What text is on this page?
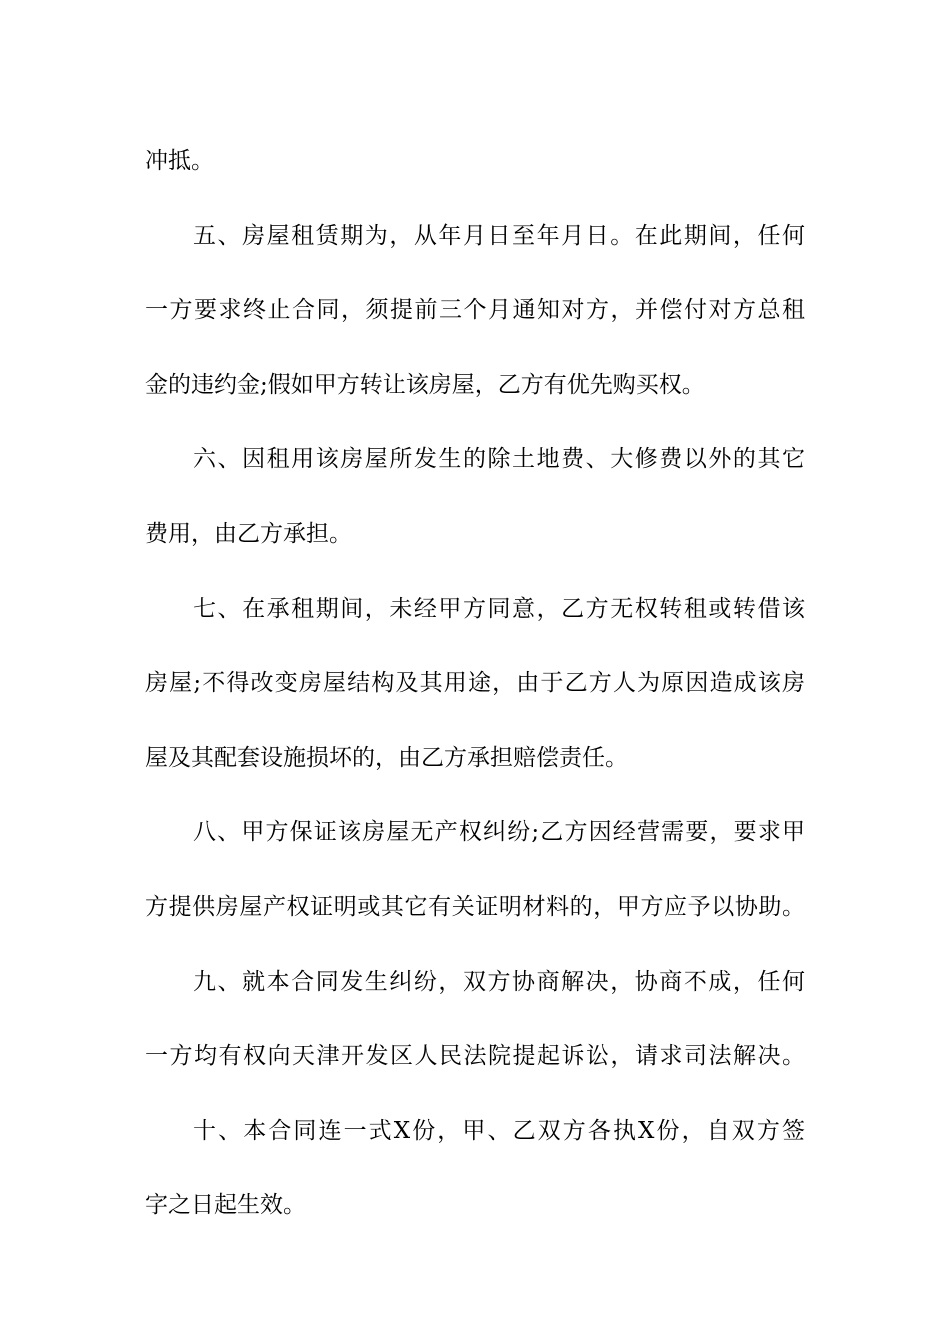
冲抵。
五、房屋租赁期为，从年月日至年月日。在此期间，任何
一方要求终止合同，须提前三个月通知对方，并偿付对方总租
金的违约金;假如甲方转让该房屋，乙方有优先购买权。
六、因租用该房屋所发生的除土地费、大修费以外的其它
费用，由乙方承担。
七、在承租期间，未经甲方同意，乙方无权转租或转借该
房屋;不得改变房屋结构及其用途，由于乙方人为原因造成该房
屋及其配套设施损坏的，由乙方承担赔偿责任。
八、甲方保证该房屋无产权纠纷;乙方因经营需要，要求甲
方提供房屋产权证明或其它有关证明材料的，甲方应予以协助。
九、就本合同发生纠纷，双方协商解决，协商不成，任何
一方均有权向天津开发区人民法院提起诉讼，请求司法解决。
十、本合同连一式X份，甲、乙双方各执X份，自双方签
字之日起生效。
